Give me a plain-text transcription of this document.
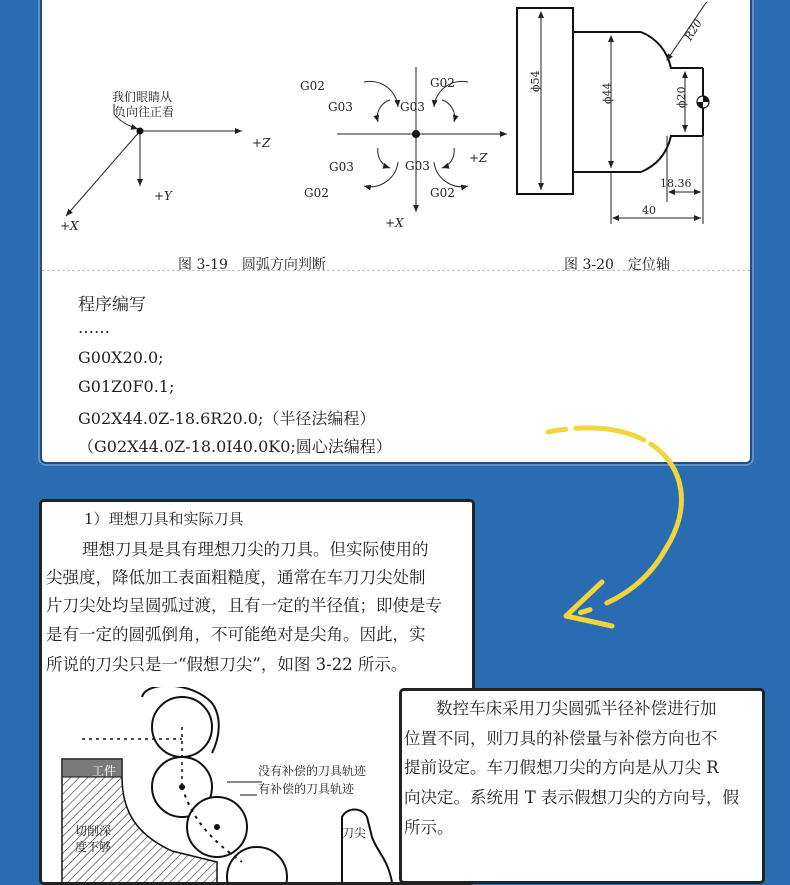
我们眼睛从
负向往正看
+Z
+Y
+X
G02
G03
G02
G03
G03
G02
G03
G02
+Z
+X
ϕ54
ϕ44	ϕ20
R20
18.36
40
图 3-19　圆弧方向判断	图 3-20　定位轴
程序编写
……
G00X20.0;
G01Z0F0.1;
G02X44.0Z-18.6R20.0;（半径法编程）
（G02X44.0Z-18.0I40.0K0;圆心法编程）
1）理想刀具和实际刀具
理想刀具是具有理想刀尖的刀具。但实际使用的
尖强度，降低加工表面粗糙度，通常在车刀刀尖处制
片刀尖处均呈圆弧过渡，且有一定的半径值；即使是专
是有一定的圆弧倒角，不可能绝对是尖角。因此，实
所说的刀尖只是一“假想刀尖”，如图 3-22 所示。
工件	没有补偿的刀具轨迹
有补偿的刀具轨迹
切削深
度不够
刀尖
数控车床采用刀尖圆弧半径补偿进行加
位置不同，则刀具的补偿量与补偿方向也不
提前设定。车刀假想刀尖的方向是从刀尖 R
向决定。系统用 T 表示假想刀尖的方向号，假
所示。
